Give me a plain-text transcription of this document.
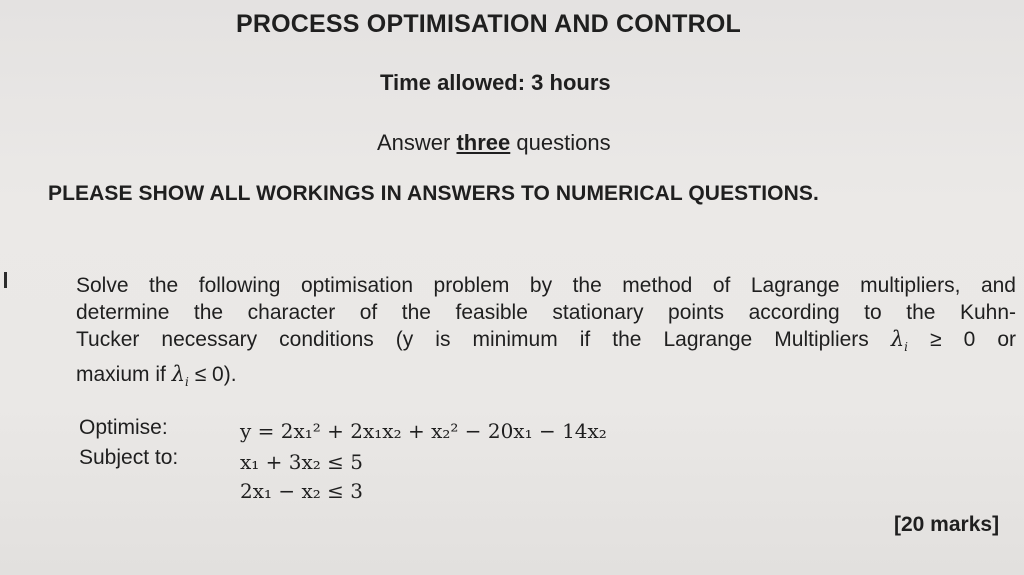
PROCESS OPTIMISATION AND CONTROL
Time allowed: 3 hours
Answer three questions
PLEASE SHOW ALL WORKINGS IN ANSWERS TO NUMERICAL QUESTIONS.
Solve the following optimisation problem by the method of Lagrange multipliers, and
determine the character of the feasible stationary points according to the Kuhn-
Tucker necessary conditions (y is minimum if the Lagrange Multipliers $\lambda_i \ge 0$ or
maxium if $\lambda_i \le 0$).
Optimise:
Subject to:
y = 2x₁² + 2x₁x₂ + x₂² − 20x₁ − 14x₂
x₁ + 3x₂ ≤ 5
2x₁ − x₂ ≤ 3
[20 marks]
